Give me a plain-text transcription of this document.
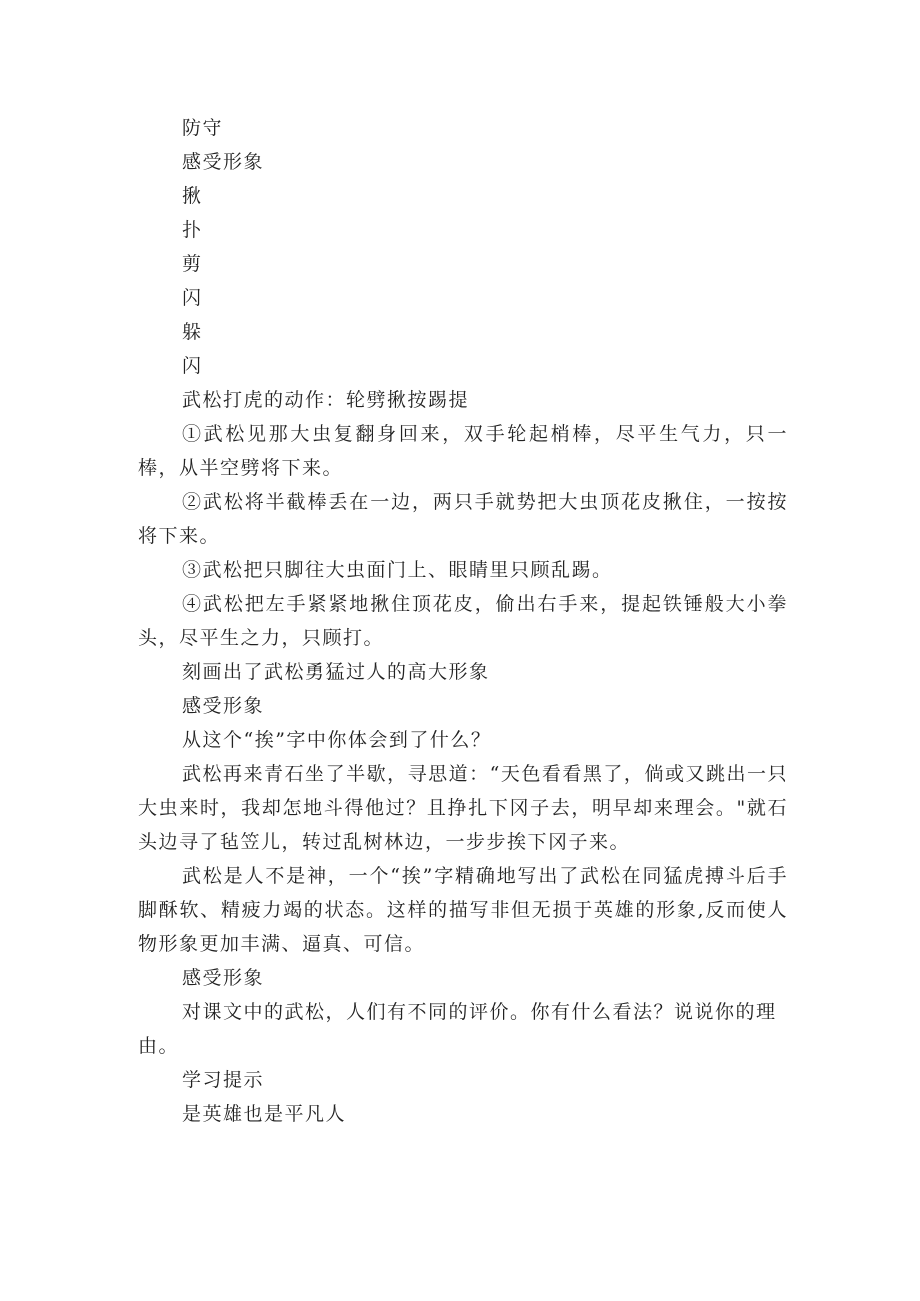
防守

感受形象

揪

扑

剪

闪

躲

闪

武松打虎的动作：轮劈揪按踢提

①武松见那大虫复翻身回来，双手轮起梢棒，尽平生气力，只一棒，从半空劈将下来。

②武松将半截棒丢在一边，两只手就势把大虫顶花皮揪住，一按按将下来。

③武松把只脚往大虫面门上、眼睛里只顾乱踢。

④武松把左手紧紧地揪住顶花皮，偷出右手来，提起铁锤般大小拳头，尽平生之力，只顾打。

刻画出了武松勇猛过人的高大形象

感受形象

从这个“挨”字中你体会到了什么？

武松再来青石坐了半歇，寻思道：“天色看看黑了，倘或又跳出一只大虫来时，我却怎地斗得他过？且挣扎下冈子去，明早却来理会。"就石头边寻了毡笠儿，转过乱树林边，一步步挨下冈子来。

武松是人不是神，一个“挨”字精确地写出了武松在同猛虎搏斗后手脚酥软、精疲力竭的状态。这样的描写非但无损于英雄的形象,反而使人物形象更加丰满、逼真、可信。

感受形象

对课文中的武松，人们有不同的评价。你有什么看法？说说你的理由。

学习提示

是英雄也是平凡人
